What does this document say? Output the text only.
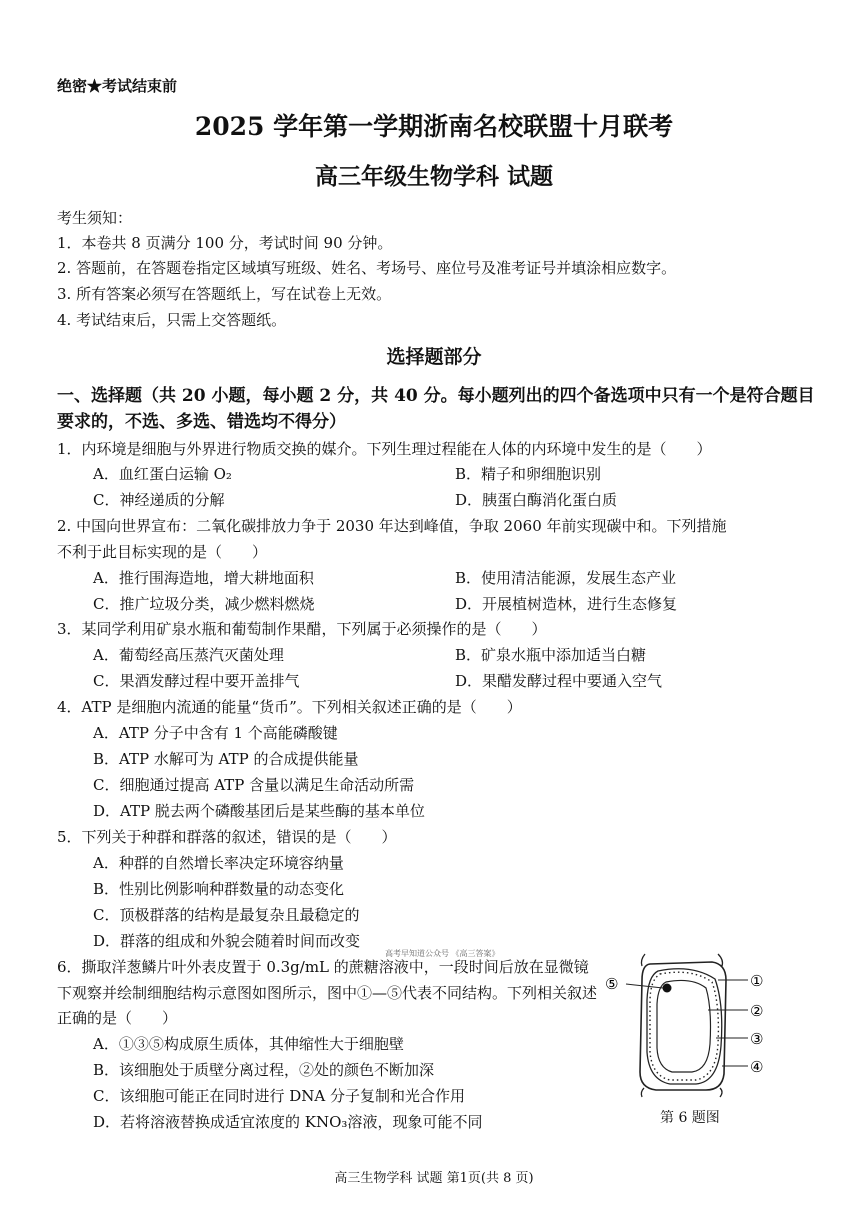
绝密★考试结束前
2025 学年第一学期浙南名校联盟十月联考
高三年级生物学科 试题
考生须知：
1．本卷共 8 页满分 100 分，考试时间 90 分钟。
2. 答题前，在答题卷指定区域填写班级、姓名、考场号、座位号及准考证号并填涂相应数字。
3. 所有答案必须写在答题纸上，写在试卷上无效。
4. 考试结束后，只需上交答题纸。
选择题部分
一、选择题（共 20 小题，每小题 2 分，共 40 分。每小题列出的四个备选项中只有一个是符合题目要求的，不选、多选、错选均不得分）
1．内环境是细胞与外界进行物质交换的媒介。下列生理过程能在人体的内环境中发生的是（　　）
A．血红蛋白运输 O₂	B．精子和卵细胞识别
C．神经递质的分解	D．胰蛋白酶消化蛋白质
2. 中国向世界宣布：二氧化碳排放力争于 2030 年达到峰值，争取 2060 年前实现碳中和。下列措施
不利于此目标实现的是（　　）
A．推行围海造地，增大耕地面积	B．使用清洁能源，发展生态产业
C．推广垃圾分类，减少燃料燃烧	D．开展植树造林，进行生态修复
3．某同学利用矿泉水瓶和葡萄制作果醋，下列属于必须操作的是（　　）
A．葡萄经高压蒸汽灭菌处理	B．矿泉水瓶中添加适当白糖
C．果酒发酵过程中要开盖排气	D．果醋发酵过程中要通入空气
4．ATP 是细胞内流通的能量“货币”。下列相关叙述正确的是（　　）
A．ATP 分子中含有 1 个高能磷酸键
B．ATP 水解可为 ATP 的合成提供能量
C．细胞通过提高 ATP 含量以满足生命活动所需
D．ATP 脱去两个磷酸基团后是某些酶的基本单位
5．下列关于种群和群落的叙述，错误的是（　　）
A．种群的自然增长率决定环境容纳量
B．性别比例影响种群数量的动态变化
C．顶极群落的结构是最复杂且最稳定的
D．群落的组成和外貌会随着时间而改变
高考早知道公众号 《高三答案》
6．撕取洋葱鳞片叶外表皮置于 0.3g/mL 的蔗糖溶液中，一段时间后放在显微镜下观察并绘制细胞结构示意图如图所示，图中①—⑤代表不同结构。下列相关叙述正确的是（　　）
A．①③⑤构成原生质体，其伸缩性大于细胞壁
B．该细胞处于质壁分离过程，②处的颜色不断加深
C．该细胞可能正在同时进行 DNA 分子复制和光合作用
D．若将溶液替换成适宜浓度的 KNO₃溶液，现象可能不同
①
②
③
④
⑤
第 6 题图
高三生物学科 试题 第1页(共 8 页)
